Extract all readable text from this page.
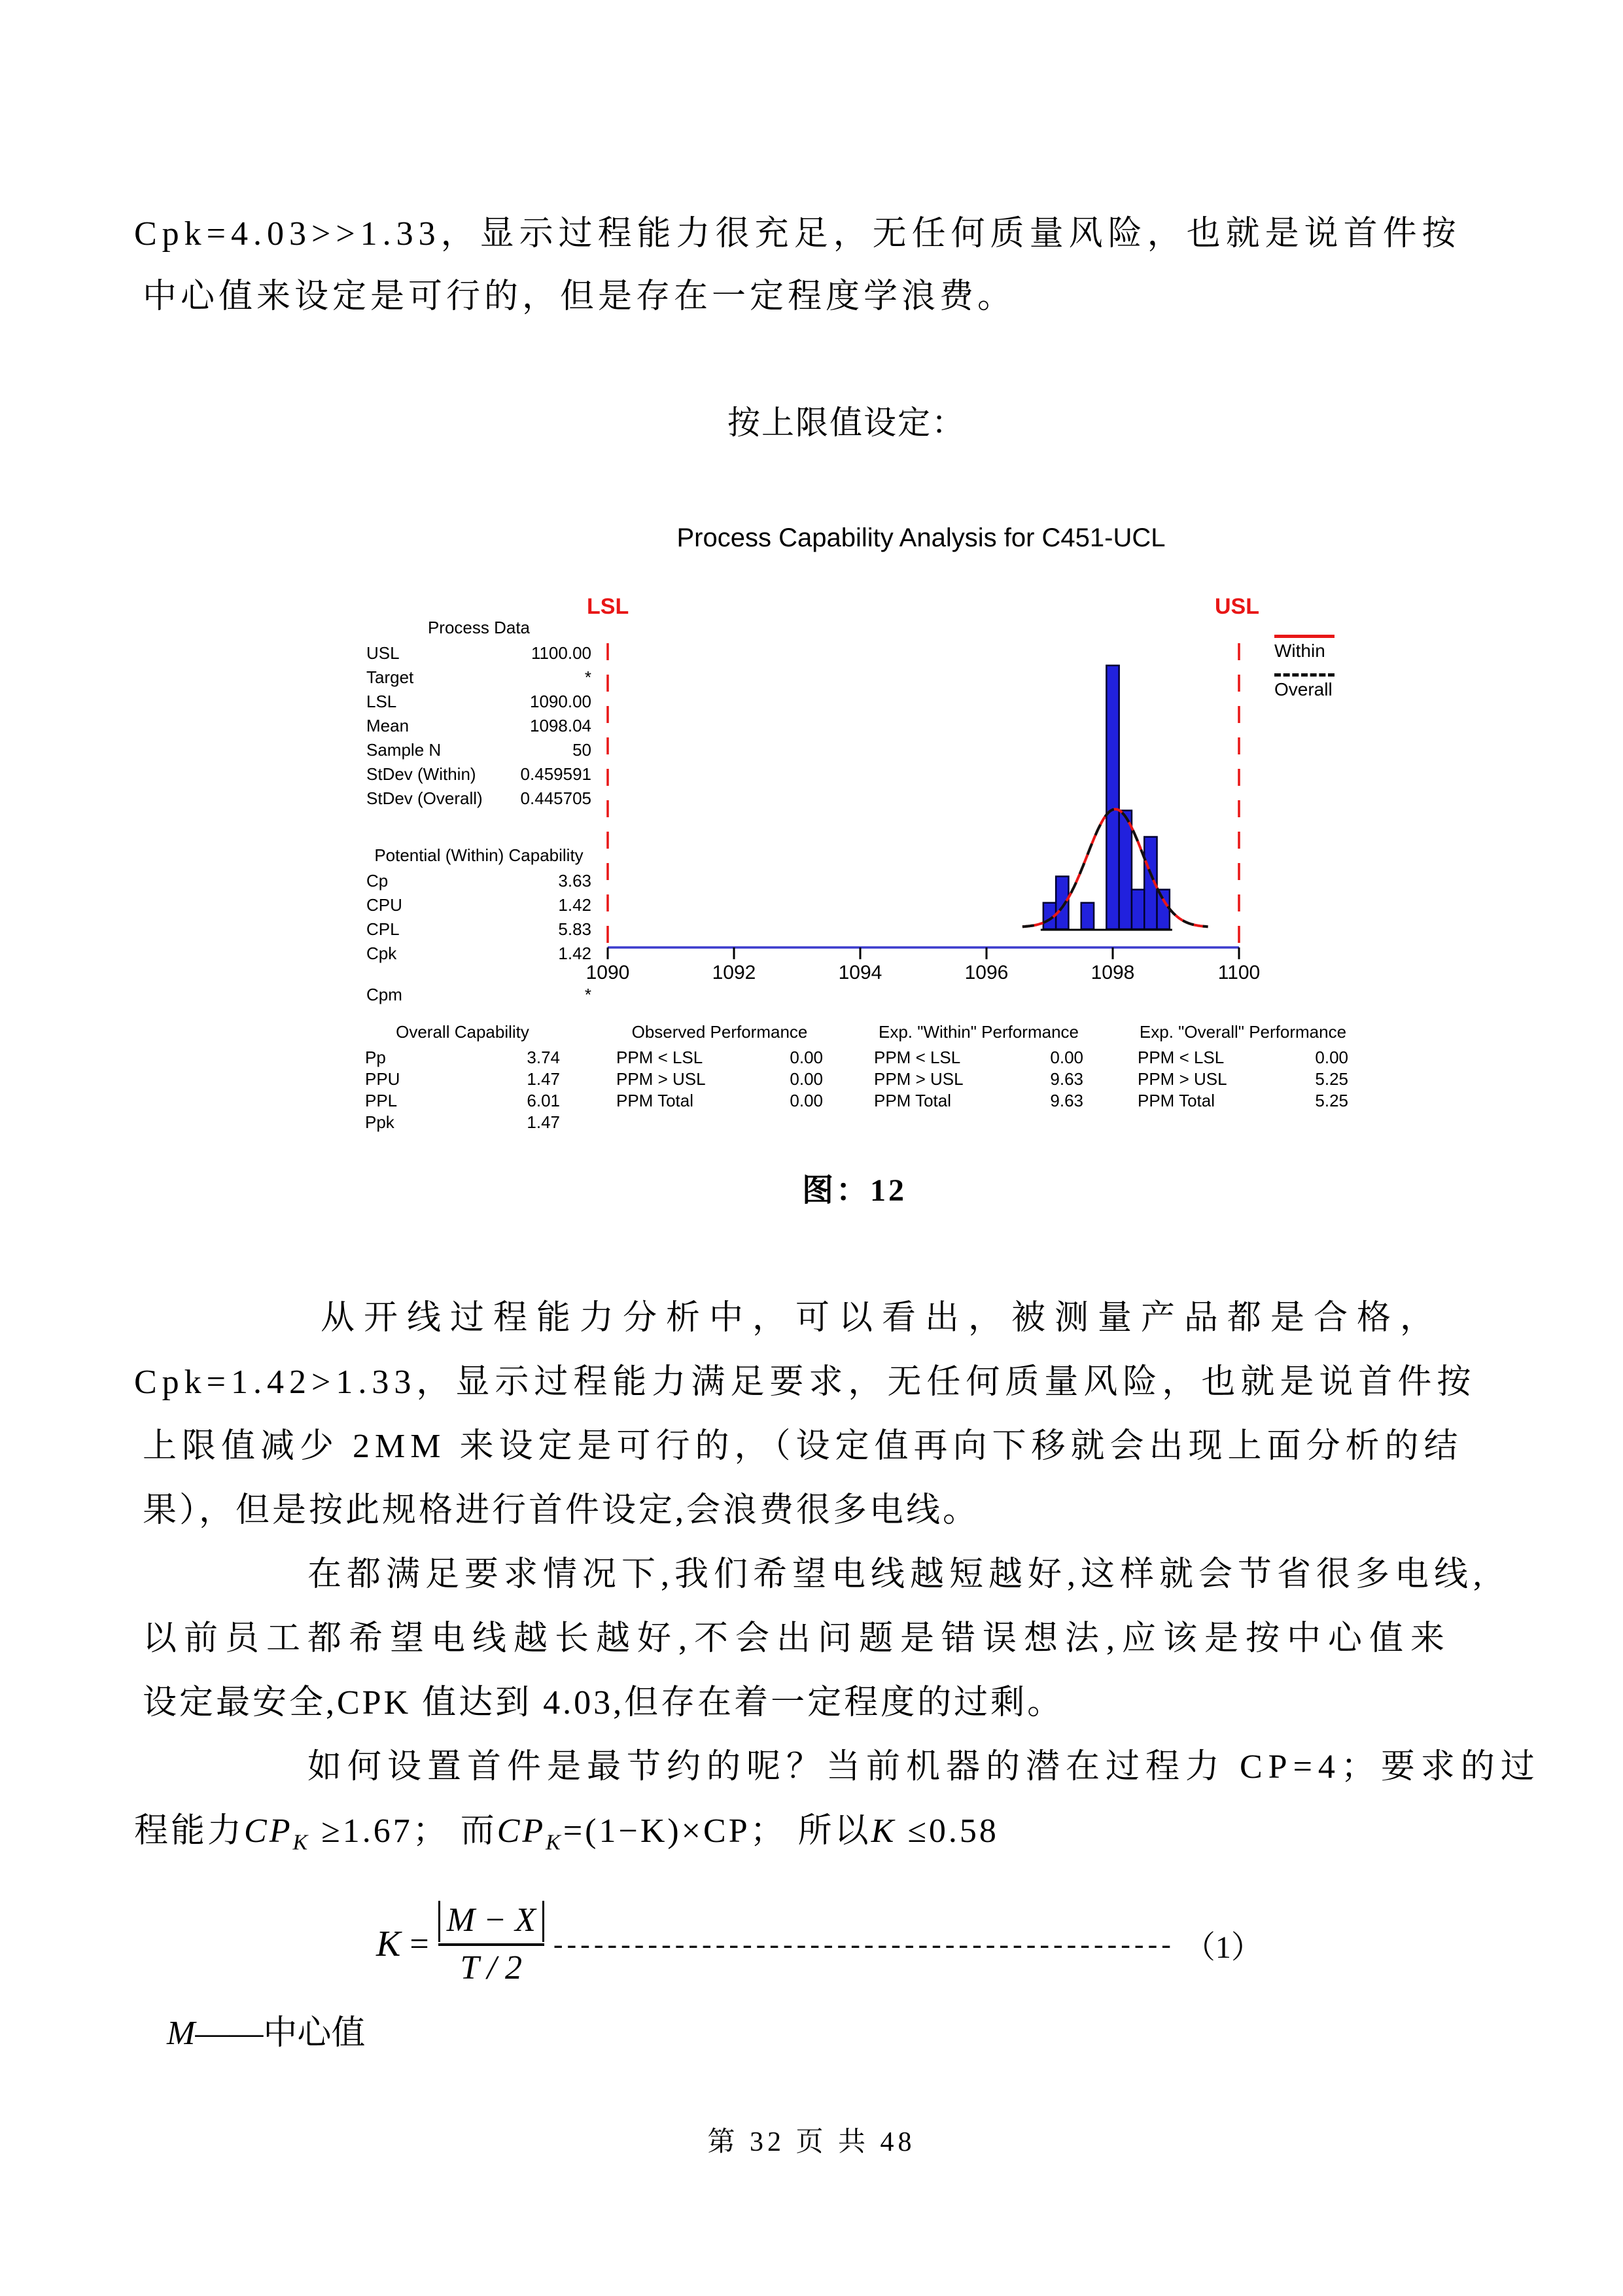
Cpk=4.03>>1.33，显示过程能力很充足，无任何质量风险，也就是说首件按
中心值来设定是可行的，但是存在一定程度学浪费。
按上限值设定：
Process Capability Analysis for C451-UCL
LSL	USL
1090	1092	1094	1096	1098	1100
Within
Overall
Process Data
USL	1100.00
Target	*
LSL	1090.00
Mean	1098.04
Sample N	50
StDev (Within)	0.459591
StDev (Overall) 0.445705
Potential (Within) Capability
Cp	3.63
CPU	1.42
CPL	5.83
Cpk	1.42
Cpm	*
Overall Capability
Pp	3.74
PPU	1.47
PPL	6.01
Ppk	1.47
Observed Performance
PPM < LSL	0.00
PPM > USL	0.00
PPM Total	0.00
Exp. "Within" Performance
PPM < LSL	0.00
PPM > USL	9.63
PPM Total	9.63
Exp. "Overall" Performance
PPM < LSL	0.00
PPM > USL	5.25
PPM Total	5.25
图：12
从开线过程能力分析中，可以看出，被测量产品都是合格，
Cpk=1.42>1.33，显示过程能力满足要求，无任何质量风险，也就是说首件按
上限值减少 2MM 来设定是可行的，（设定值再向下移就会出现上面分析的结
果），但是按此规格进行首件设定,会浪费很多电线。
在都满足要求情况下,我们希望电线越短越好,这样就会节省很多电线,
以前员工都希望电线越长越好,不会出问题是错误想法,应该是按中心值来
设定最安全,CPK 值达到 4.03,但存在着一定程度的过剩。
如何设置首件是最节约的呢？当前机器的潜在过程力 CP=4；要求的过
程能力$CP_K \ge 1.67$； 而$CP_K=(1-K)\times CP$； 所以K ≤0.58
$K = \frac{M - X}{T / 2}$ ---------------------------------------------- （1）
M——中心值
第 32 页 共 48
